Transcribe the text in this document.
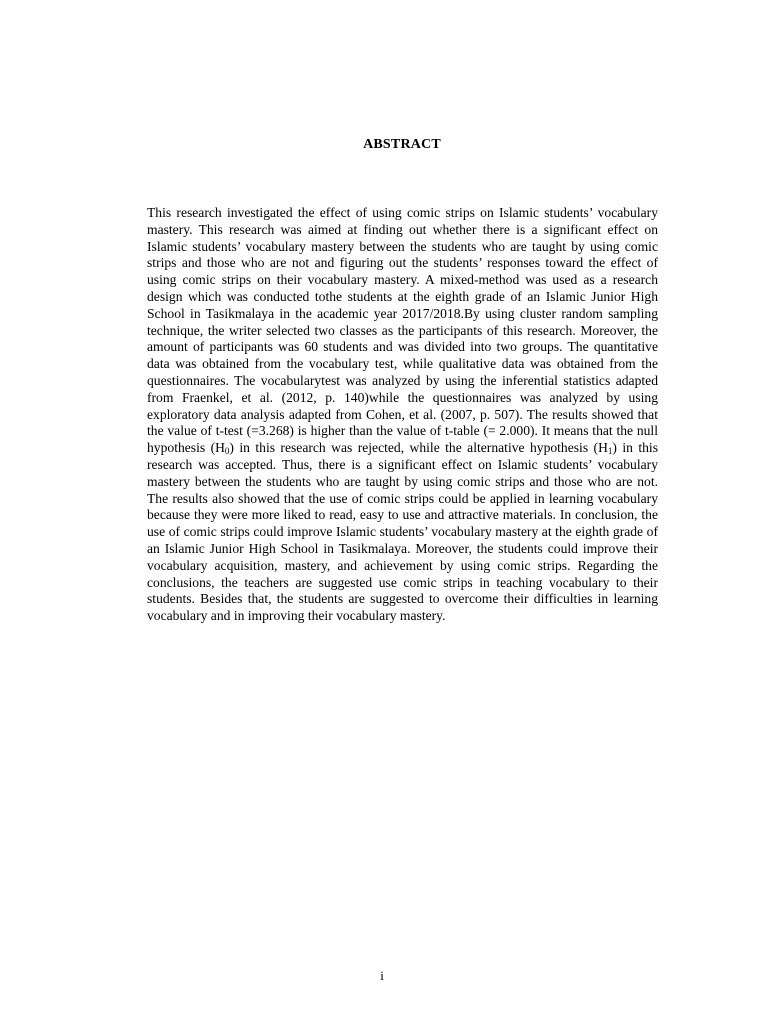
ABSTRACT

This research investigated the effect of using comic strips on Islamic students’ vocabulary mastery. This research was aimed at finding out whether there is a significant effect on Islamic students’ vocabulary mastery between the students who are taught by using comic strips and those who are not and figuring out the students’ responses toward the effect of using comic strips on their vocabulary mastery. A mixed-method was used as a research design which was conducted tothe students at the eighth grade of an Islamic Junior High School in Tasikmalaya in the academic year 2017/2018.By using cluster random sampling technique, the writer selected two classes as the participants of this research. Moreover, the amount of participants was 60 students and was divided into two groups. The quantitative data was obtained from the vocabulary test, while qualitative data was obtained from the questionnaires. The vocabularytest was analyzed by using the inferential statistics adapted from Fraenkel, et al. (2012, p. 140)while the questionnaires was analyzed by using exploratory data analysis adapted from Cohen, et al. (2007, p. 507). The results showed that the value of t-test (=3.268) is higher than the value of t-table (= 2.000). It means that the null hypothesis $(H_0)$ in this research was rejected, while the alternative hypothesis $(H_1)$ in this research was accepted. Thus, there is a significant effect on Islamic students’ vocabulary mastery between the students who are taught by using comic strips and those who are not. The results also showed that the use of comic strips could be applied in learning vocabulary because they were more liked to read, easy to use and attractive materials. In conclusion, the use of comic strips could improve Islamic students’ vocabulary mastery at the eighth grade of an Islamic Junior High School in Tasikmalaya. Moreover, the students could improve their vocabulary acquisition, mastery, and achievement by using comic strips. Regarding the conclusions, the teachers are suggested use comic strips in teaching vocabulary to their students. Besides that, the students are suggested to overcome their difficulties in learning vocabulary and in improving their vocabulary mastery.

i
